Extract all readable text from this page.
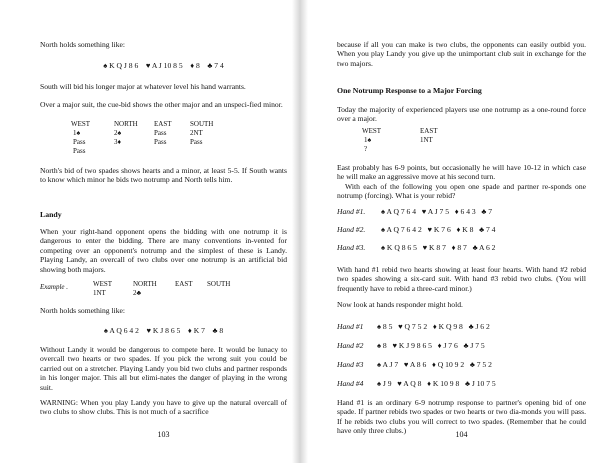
North holds something like:
♠ K Q J 8 6 ♥ A J 10 8 5 ♦ 8 ♣ 7 4
South will bid his longer major at whatever level his hand warrants.
Over a major suit, the cue-bid shows the other major and an unspeci-fied minor.
WEST	NORTH EAST	SOUTH
1♠	2♠	Pass	2NT
Pass	3♦	Pass	Pass
Pass
North's bid of two spades shows hearts and a minor, at least 5-5. If South wants to know which minor he bids two notrump and North tells him.
Landy
When your right-hand opponent opens the bidding with one notrump it is dangerous to enter the bidding. There are many conventions in-vented for competing over an opponent's notrump and the simplest of these is Landy. Playing Landy, an overcall of two clubs over one notrump is an artificial bid showing both majors.
Example .	WEST	NORTH	EAST SOUTH
1NT	2♣
North holds something like:
♠ A Q 6 4 2 ♥ K J 8 6 5 ♦ K 7 ♣ 8
Without Landy it would be dangerous to compete here. It would be lunacy to overcall two hearts or two spades. If you pick the wrong suit you could be carried out on a stretcher. Playing Landy you bid two clubs and partner responds in his longer major. This all but elimi-nates the danger of playing in the wrong suit.
WARNING: When you play Landy you have to give up the natural overcall of two clubs to show clubs. This is not much of a sacrifice
103
because if all you can make is two clubs, the opponents can easily outbid you. When you play Landy you give up the unimportant club suit in exchange for the two majors.
One Notrump Response to a Major Forcing
Today the majority of experienced players use one notrump as a one-round force over a major.
WEST	EAST
1♠	1NT
?
East probably has 6-9 points, but occasionally he will have 10-12 in which case he will make an aggressive move at his second turn.
With each of the following you open one spade and partner re-sponds one notrump (forcing). What is your rebid?
Hand #1. ♠ A Q 7 6 4 ♥ A J 7 5 ♦ 6 4 3 ♣ 7
Hand #2. ♠ A Q 7 6 4 2 ♥ K 7 6 ♦ K 8 ♣ 7 4
Hand #3. ♠ K Q 8 6 5 ♥ K 8 7 ♦ 8 7 ♣ A 6 2
With hand #1 rebid two hearts showing at least four hearts. With hand #2 rebid two spades showing a six-card suit. With hand #3 rebid two clubs. (You will frequently have to rebid a three-card minor.)
Now look at hands responder might hold.
Hand #1 ♠ 8 5 ♥ Q 7 5 2 ♦ K Q 9 8 ♣ J 6 2
Hand #2 ♠ 8 ♥ K J 9 8 6 5 ♦ J 7 6 ♣ J 7 5
Hand #3 ♠ A J 7 ♥ A 8 6 ♦ Q 10 9 2 ♣ 7 5 2
Hand #4 ♠ J 9 ♥ A Q 8 ♦ K 10 9 8 ♣ J 10 7 5
Hand #1 is an ordinary 6-9 notrump response to partner's opening bid of one spade. If partner rebids two spades or two hearts or two dia-monds you will pass. If he rebids two clubs you will correct to two spades. (Remember that he could have only three clubs.)	104
